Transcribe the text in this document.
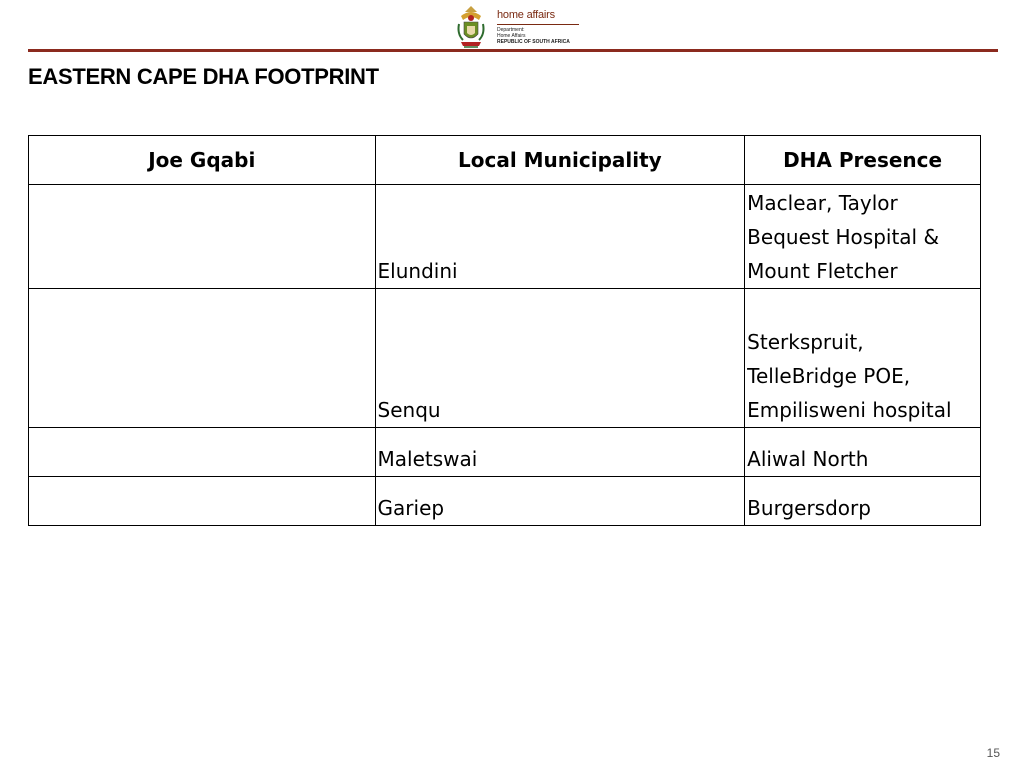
home affairs
Department:
Home Affairs
REPUBLIC OF SOUTH AFRICA
EASTERN CAPE DHA FOOTPRINT
Joe Gqabi	Local Municipality	DHA Presence
	Elundini	Maclear, Taylor Bequest Hospital & Mount Fletcher
	Senqu	Sterkspruit, TelleBridge POE, Empilisweni hospital
	Maletswai	Aliwal North
	Gariep	Burgersdorp
15
